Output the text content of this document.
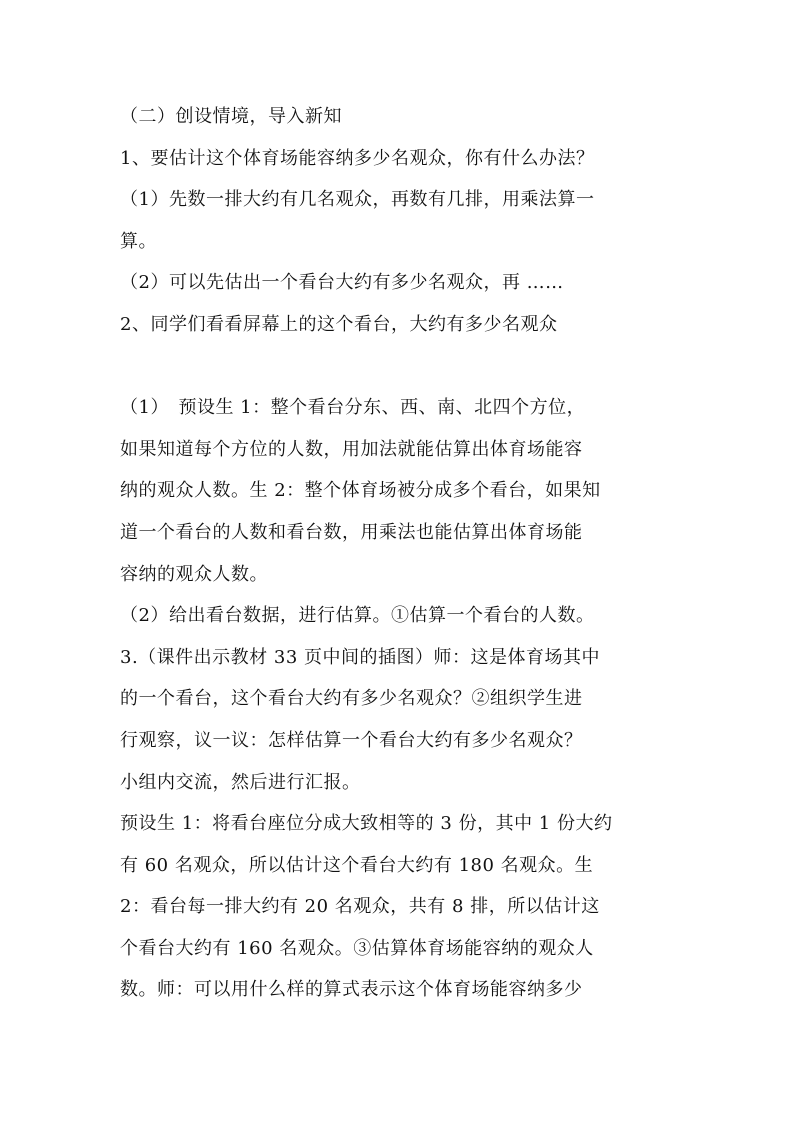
（二）创设情境，导入新知
1、要估计这个体育场能容纳多少名观众，你有什么办法？
（1）先数一排大约有几名观众，再数有几排，用乘法算一
算。
（2）可以先估出一个看台大约有多少名观众，再 ……
2、同学们看看屏幕上的这个看台，大约有多少名观众
（1）　预设生 1：整个看台分东、西、南、北四个方位，
如果知道每个方位的人数，用加法就能估算出体育场能容
纳的观众人数。生 2：整个体育场被分成多个看台，如果知
道一个看台的人数和看台数，用乘法也能估算出体育场能
容纳的观众人数。
（2）给出看台数据，进行估算。①估算一个看台的人数。
3.（课件出示教材 33 页中间的插图）师：这是体育场其中
的一个看台，这个看台大约有多少名观众？②组织学生进
行观察，议一议：怎样估算一个看台大约有多少名观众？
小组内交流，然后进行汇报。
预设生 1：将看台座位分成大致相等的 3 份，其中 1 份大约
有 60 名观众，所以估计这个看台大约有 180 名观众。生
2：看台每一排大约有 20 名观众，共有 8 排，所以估计这
个看台大约有 160 名观众。③估算体育场能容纳的观众人
数。师：可以用什么样的算式表示这个体育场能容纳多少
